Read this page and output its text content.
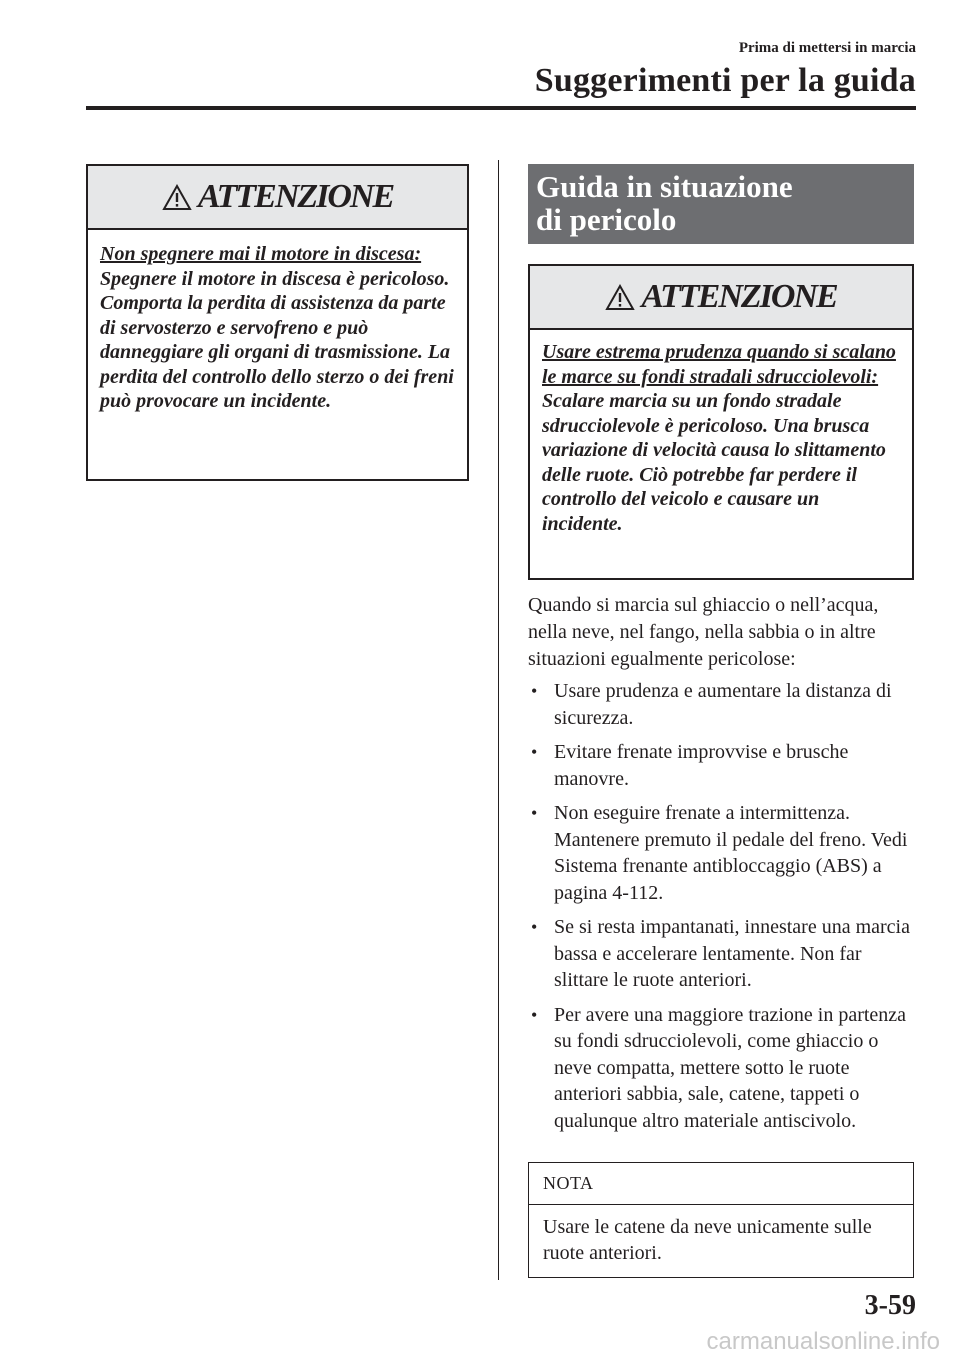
Prima di mettersi in marcia
Suggerimenti per la guida
ATTENZIONE
Non spegnere mai il motore in discesa:
Spegnere il motore in discesa è pericoloso. Comporta la perdita di assistenza da parte di servosterzo e servofreno e può danneggiare gli organi di trasmissione. La perdita del controllo dello sterzo o dei freni può provocare un incidente.
Guida in situazione
di pericolo
ATTENZIONE
Usare estrema prudenza quando si scalano le marce su fondi stradali sdrucciolevoli:
Scalare marcia su un fondo stradale sdrucciolevole è pericoloso. Una brusca variazione di velocità causa lo slittamento delle ruote. Ciò potrebbe far perdere il controllo del veicolo e causare un incidente.

Quando si marcia sul ghiaccio o nell’acqua, nella neve, nel fango, nella sabbia o in altre situazioni egualmente pericolose:

• Usare prudenza e aumentare la distanza di sicurezza.
• Evitare frenate improvvise e brusche manovre.
• Non eseguire frenate a intermittenza. Mantenere premuto il pedale del freno. Vedi Sistema frenante antibloccaggio (ABS) a pagina 4-112.
• Se si resta impantanati, innestare una marcia bassa e accelerare lentamente. Non far slittare le ruote anteriori.
• Per avere una maggiore trazione in partenza su fondi sdrucciolevoli, come ghiaccio o neve compatta, mettere sotto le ruote anteriori sabbia, sale, catene, tappeti o qualunque altro materiale antiscivolo.
NOTA
Usare le catene da neve unicamente sulle ruote anteriori.
3-59
carmanualsonline.info
